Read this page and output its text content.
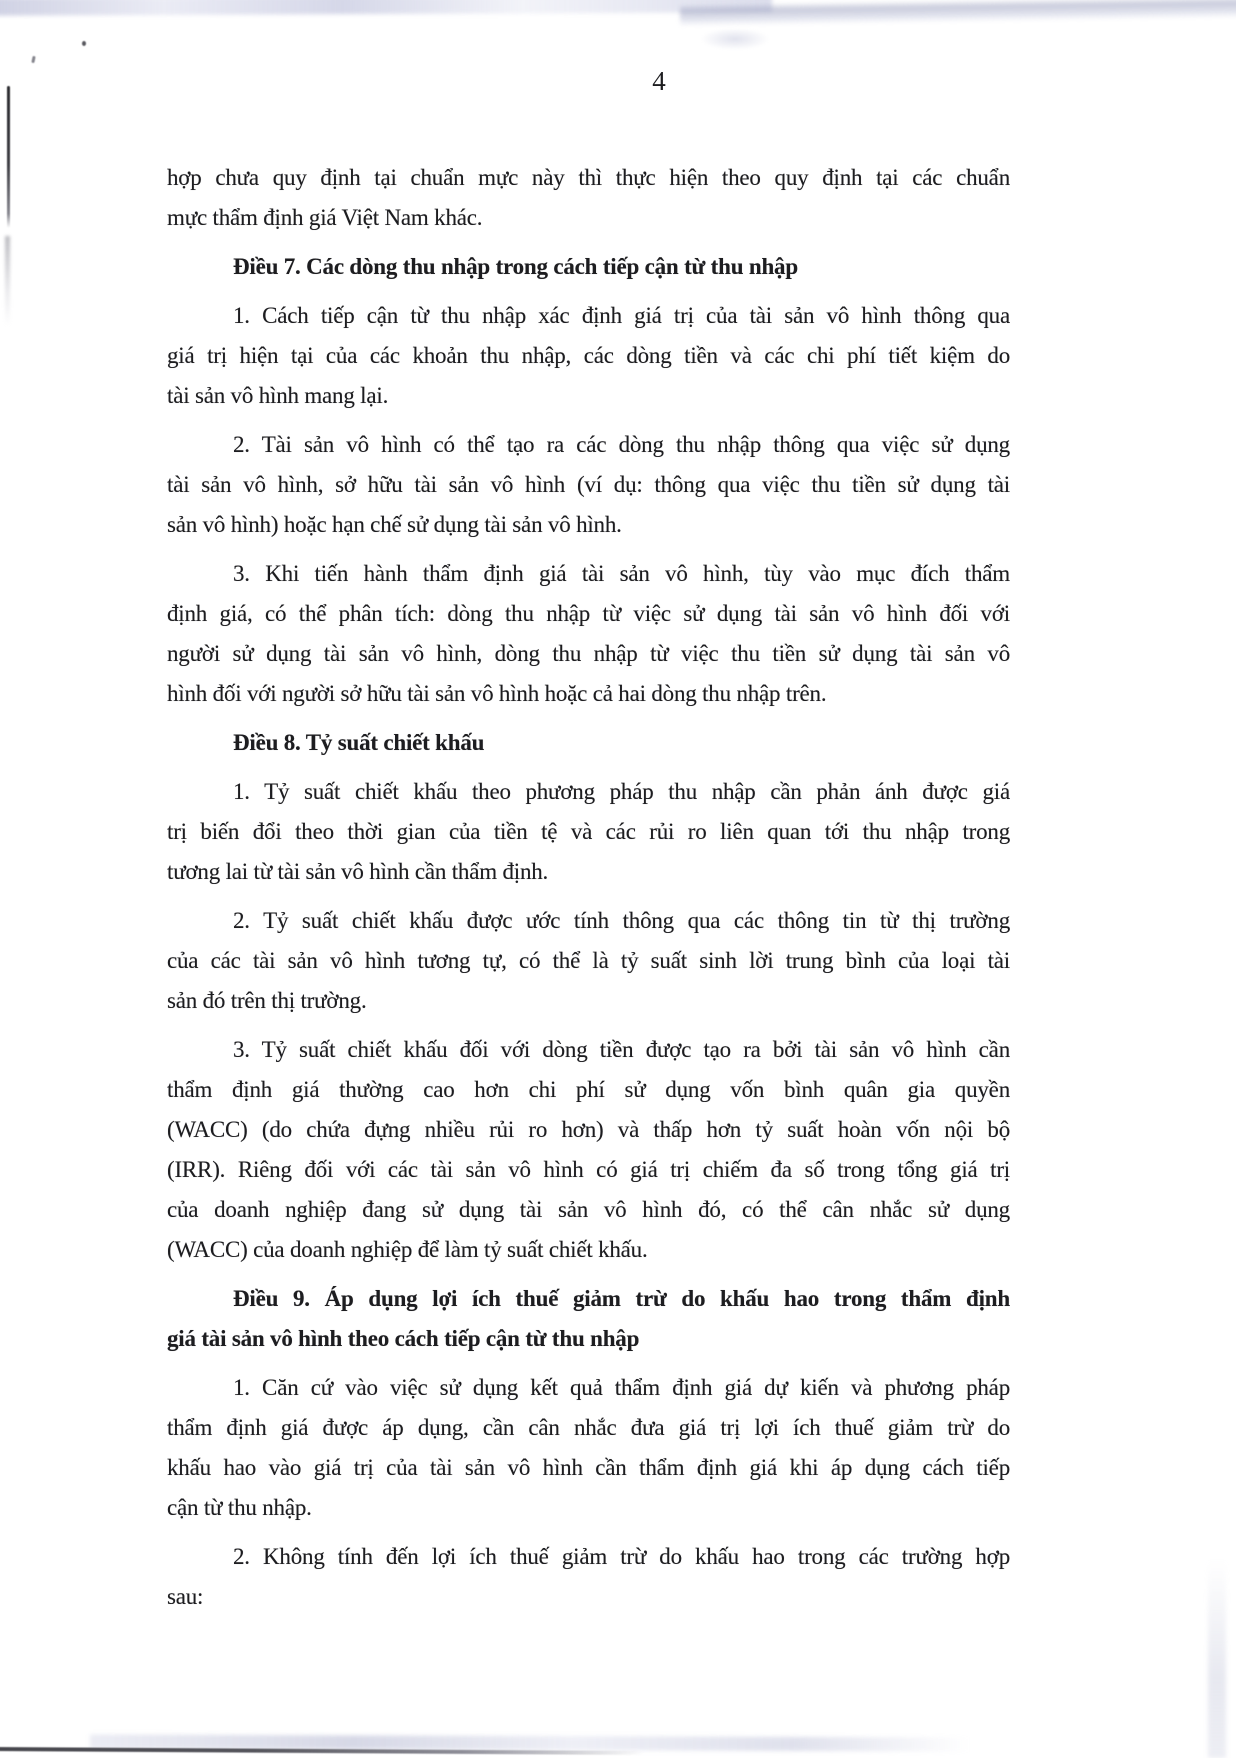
4
hợp chưa quy định tại chuẩn mực này thì thực hiện theo quy định tại các chuẩn
mực thẩm định giá Việt Nam khác.
Điều 7. Các dòng thu nhập trong cách tiếp cận từ thu nhập
1. Cách tiếp cận từ thu nhập xác định giá trị của tài sản vô hình thông qua
giá trị hiện tại của các khoản thu nhập, các dòng tiền và các chi phí tiết kiệm do
tài sản vô hình mang lại.
2. Tài sản vô hình có thể tạo ra các dòng thu nhập thông qua việc sử dụng
tài sản vô hình, sở hữu tài sản vô hình (ví dụ: thông qua việc thu tiền sử dụng tài
sản vô hình) hoặc hạn chế sử dụng tài sản vô hình.
3. Khi tiến hành thẩm định giá tài sản vô hình, tùy vào mục đích thẩm
định giá, có thể phân tích: dòng thu nhập từ việc sử dụng tài sản vô hình đối với
người sử dụng tài sản vô hình, dòng thu nhập từ việc thu tiền sử dụng tài sản vô
hình đối với người sở hữu tài sản vô hình hoặc cả hai dòng thu nhập trên.
Điều 8. Tỷ suất chiết khấu
1. Tỷ suất chiết khấu theo phương pháp thu nhập cần phản ánh được giá
trị biến đổi theo thời gian của tiền tệ và các rủi ro liên quan tới thu nhập trong
tương lai từ tài sản vô hình cần thẩm định.
2. Tỷ suất chiết khấu được ước tính thông qua các thông tin từ thị trường
của các tài sản vô hình tương tự, có thể là tỷ suất sinh lời trung bình của loại tài
sản đó trên thị trường.
3. Tỷ suất chiết khấu đối với dòng tiền được tạo ra bởi tài sản vô hình cần
thẩm định giá thường cao hơn chi phí sử dụng vốn bình quân gia quyền
(WACC) (do chứa đựng nhiều rủi ro hơn) và thấp hơn tỷ suất hoàn vốn nội bộ
(IRR). Riêng đối với các tài sản vô hình có giá trị chiếm đa số trong tổng giá trị
của doanh nghiệp đang sử dụng tài sản vô hình đó, có thể cân nhắc sử dụng
(WACC) của doanh nghiệp để làm tỷ suất chiết khấu.
Điều 9. Áp dụng lợi ích thuế giảm trừ do khấu hao trong thẩm định
giá tài sản vô hình theo cách tiếp cận từ thu nhập
1. Căn cứ vào việc sử dụng kết quả thẩm định giá dự kiến và phương pháp
thẩm định giá được áp dụng, cần cân nhắc đưa giá trị lợi ích thuế giảm trừ do
khấu hao vào giá trị của tài sản vô hình cần thẩm định giá khi áp dụng cách tiếp
cận từ thu nhập.
2. Không tính đến lợi ích thuế giảm trừ do khấu hao trong các trường hợp
sau:
